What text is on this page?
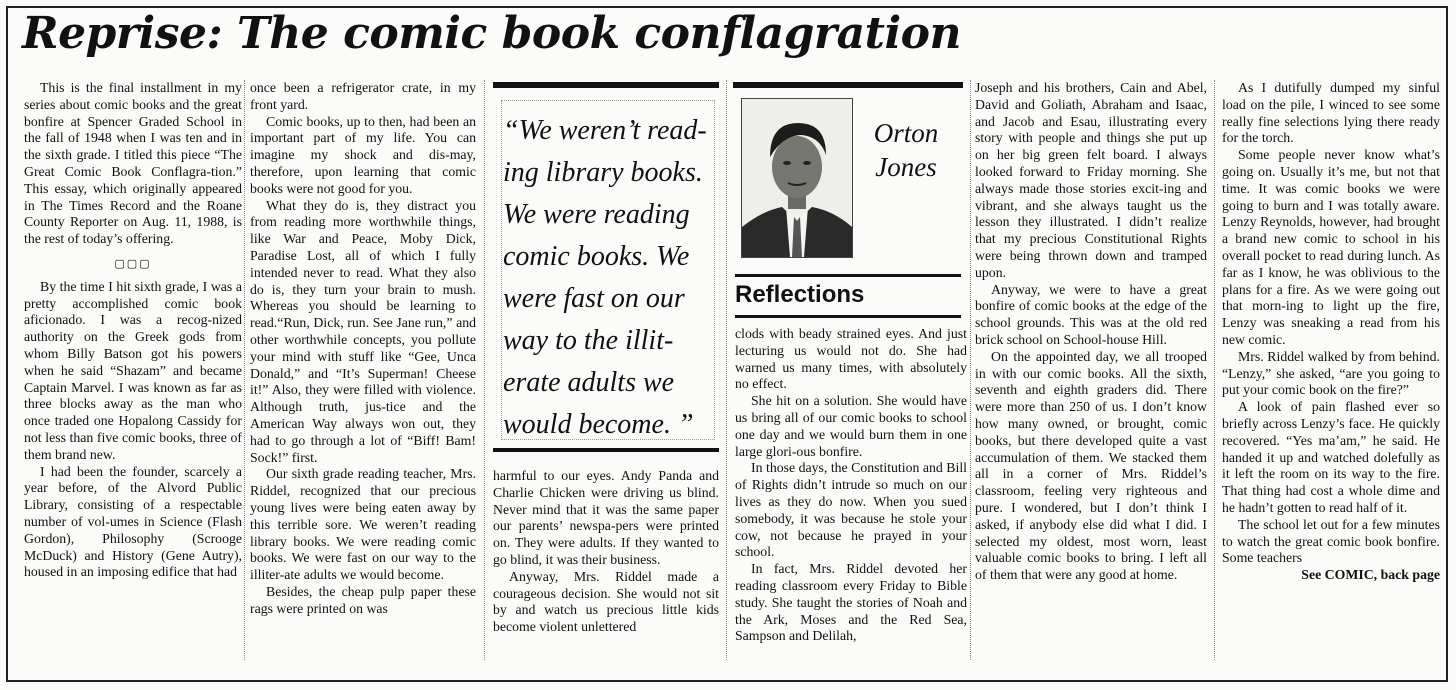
Reprise: The comic book conflagration

This is the final installment in my series about comic books and the great bonfire at Spencer Graded School in the fall of 1948 when I was ten and in the sixth grade. I titled this piece “The Great Comic Book Conflagra-tion.” This essay, which originally appeared in The Times Record and the Roane County Reporter on Aug. 11, 1988, is the rest of today’s offering.

▢▢▢

By the time I hit sixth grade, I was a pretty accomplished comic book aficionado. I was a recog-nized authority on the Greek gods from whom Billy Batson got his powers when he said “Shazam” and became Captain Marvel. I was known as far as three blocks away as the man who once traded one Hopalong Cassidy for not less than five comic books, three of them brand new.

I had been the founder, scarcely a year before, of the Alvord Public Library, consisting of a respectable number of vol-umes in Science (Flash Gordon), Philosophy (Scrooge McDuck) and History (Gene Autry), housed in an imposing edifice that had

once been a refrigerator crate, in my front yard.

Comic books, up to then, had been an important part of my life. You can imagine my shock and dis-may, therefore, upon learning that comic books were not good for you.

What they do is, they distract you from reading more worthwhile things, like War and Peace, Moby Dick, Paradise Lost, all of which I fully intended never to read. What they also do is, they turn your brain to mush. Whereas you should be learning to read.“Run, Dick, run. See Jane run,” and other worthwhile concepts, you pollute your mind with stuff like “Gee, Unca Donald,” and “It’s Superman! Cheese it!” Also, they were filled with violence. Although truth, jus-tice and the American Way always won out, they had to go through a lot of “Biff! Bam! Sock!” first.

Our sixth grade reading teacher, Mrs. Riddel, recognized that our precious young lives were being eaten away by this terrible sore. We weren’t reading library books. We were reading comic books. We were fast on our way to the illiter-ate adults we would become.

Besides, the cheap pulp paper these rags were printed on was

“We weren’t read-ing library books. We were reading comic books. We were fast on our way to the illit-erate adults we would become. ”

harmful to our eyes. Andy Panda and Charlie Chicken were driving us blind. Never mind that it was the same paper our parents’ newspa-pers were printed on. They were adults. If they wanted to go blind, it was their business.

Anyway, Mrs. Riddel made a courageous decision. She would not sit by and watch us precious little kids become violent unlettered

Orton
Jones
Reflections

clods with beady strained eyes. And just lecturing us would not do. She had warned us many times, with absolutely no effect.

She hit on a solution. She would have us bring all of our comic books to school one day and we would burn them in one large glori-ous bonfire.

In those days, the Constitution and Bill of Rights didn’t intrude so much on our lives as they do now. When you sued somebody, it was because he stole your cow, not because he prayed in your school.

In fact, Mrs. Riddel devoted her reading classroom every Friday to Bible study. She taught the stories of Noah and the Ark, Moses and the Red Sea, Sampson and Delilah,

Joseph and his brothers, Cain and Abel, David and Goliath, Abraham and Isaac, and Jacob and Esau, illustrating every story with people and things she put up on her big green felt board. I always looked forward to Friday morning. She always made those stories excit-ing and vibrant, and she always taught us the lesson they illustrated. I didn’t realize that my precious Constitutional Rights were being thrown down and tramped upon.

Anyway, we were to have a great bonfire of comic books at the edge of the school grounds. This was at the old red brick school on School-house Hill.

On the appointed day, we all trooped in with our comic books. All the sixth, seventh and eighth graders did. There were more than 250 of us. I don’t know how many owned, or brought, comic books, but there developed quite a vast accumulation of them. We stacked them all in a corner of Mrs. Riddel’s classroom, feeling very righteous and pure. I wondered, but I don’t think I asked, if anybody else did what I did. I selected my oldest, most worn, least valuable comic books to bring. I left all of them that were any good at home.

As I dutifully dumped my sinful load on the pile, I winced to see some really fine selections lying there ready for the torch.

Some people never know what’s going on. Usually it’s me, but not that time. It was comic books we were going to burn and I was totally aware. Lenzy Reynolds, however, had brought a brand new comic to school in his overall pocket to read during lunch. As far as I know, he was oblivious to the plans for a fire. As we were going out that morn-ing to light up the fire, Lenzy was sneaking a read from his new comic.

Mrs. Riddel walked by from behind. “Lenzy,” she asked, “are you going to put your comic book on the fire?”

A look of pain flashed ever so briefly across Lenzy’s face. He quickly recovered. “Yes ma’am,” he said. He handed it up and watched dolefully as it left the room on its way to the fire. That thing had cost a whole dime and he hadn’t gotten to read half of it.

The school let out for a few minutes to watch the great comic book bonfire. Some teachers

See COMIC, back page
